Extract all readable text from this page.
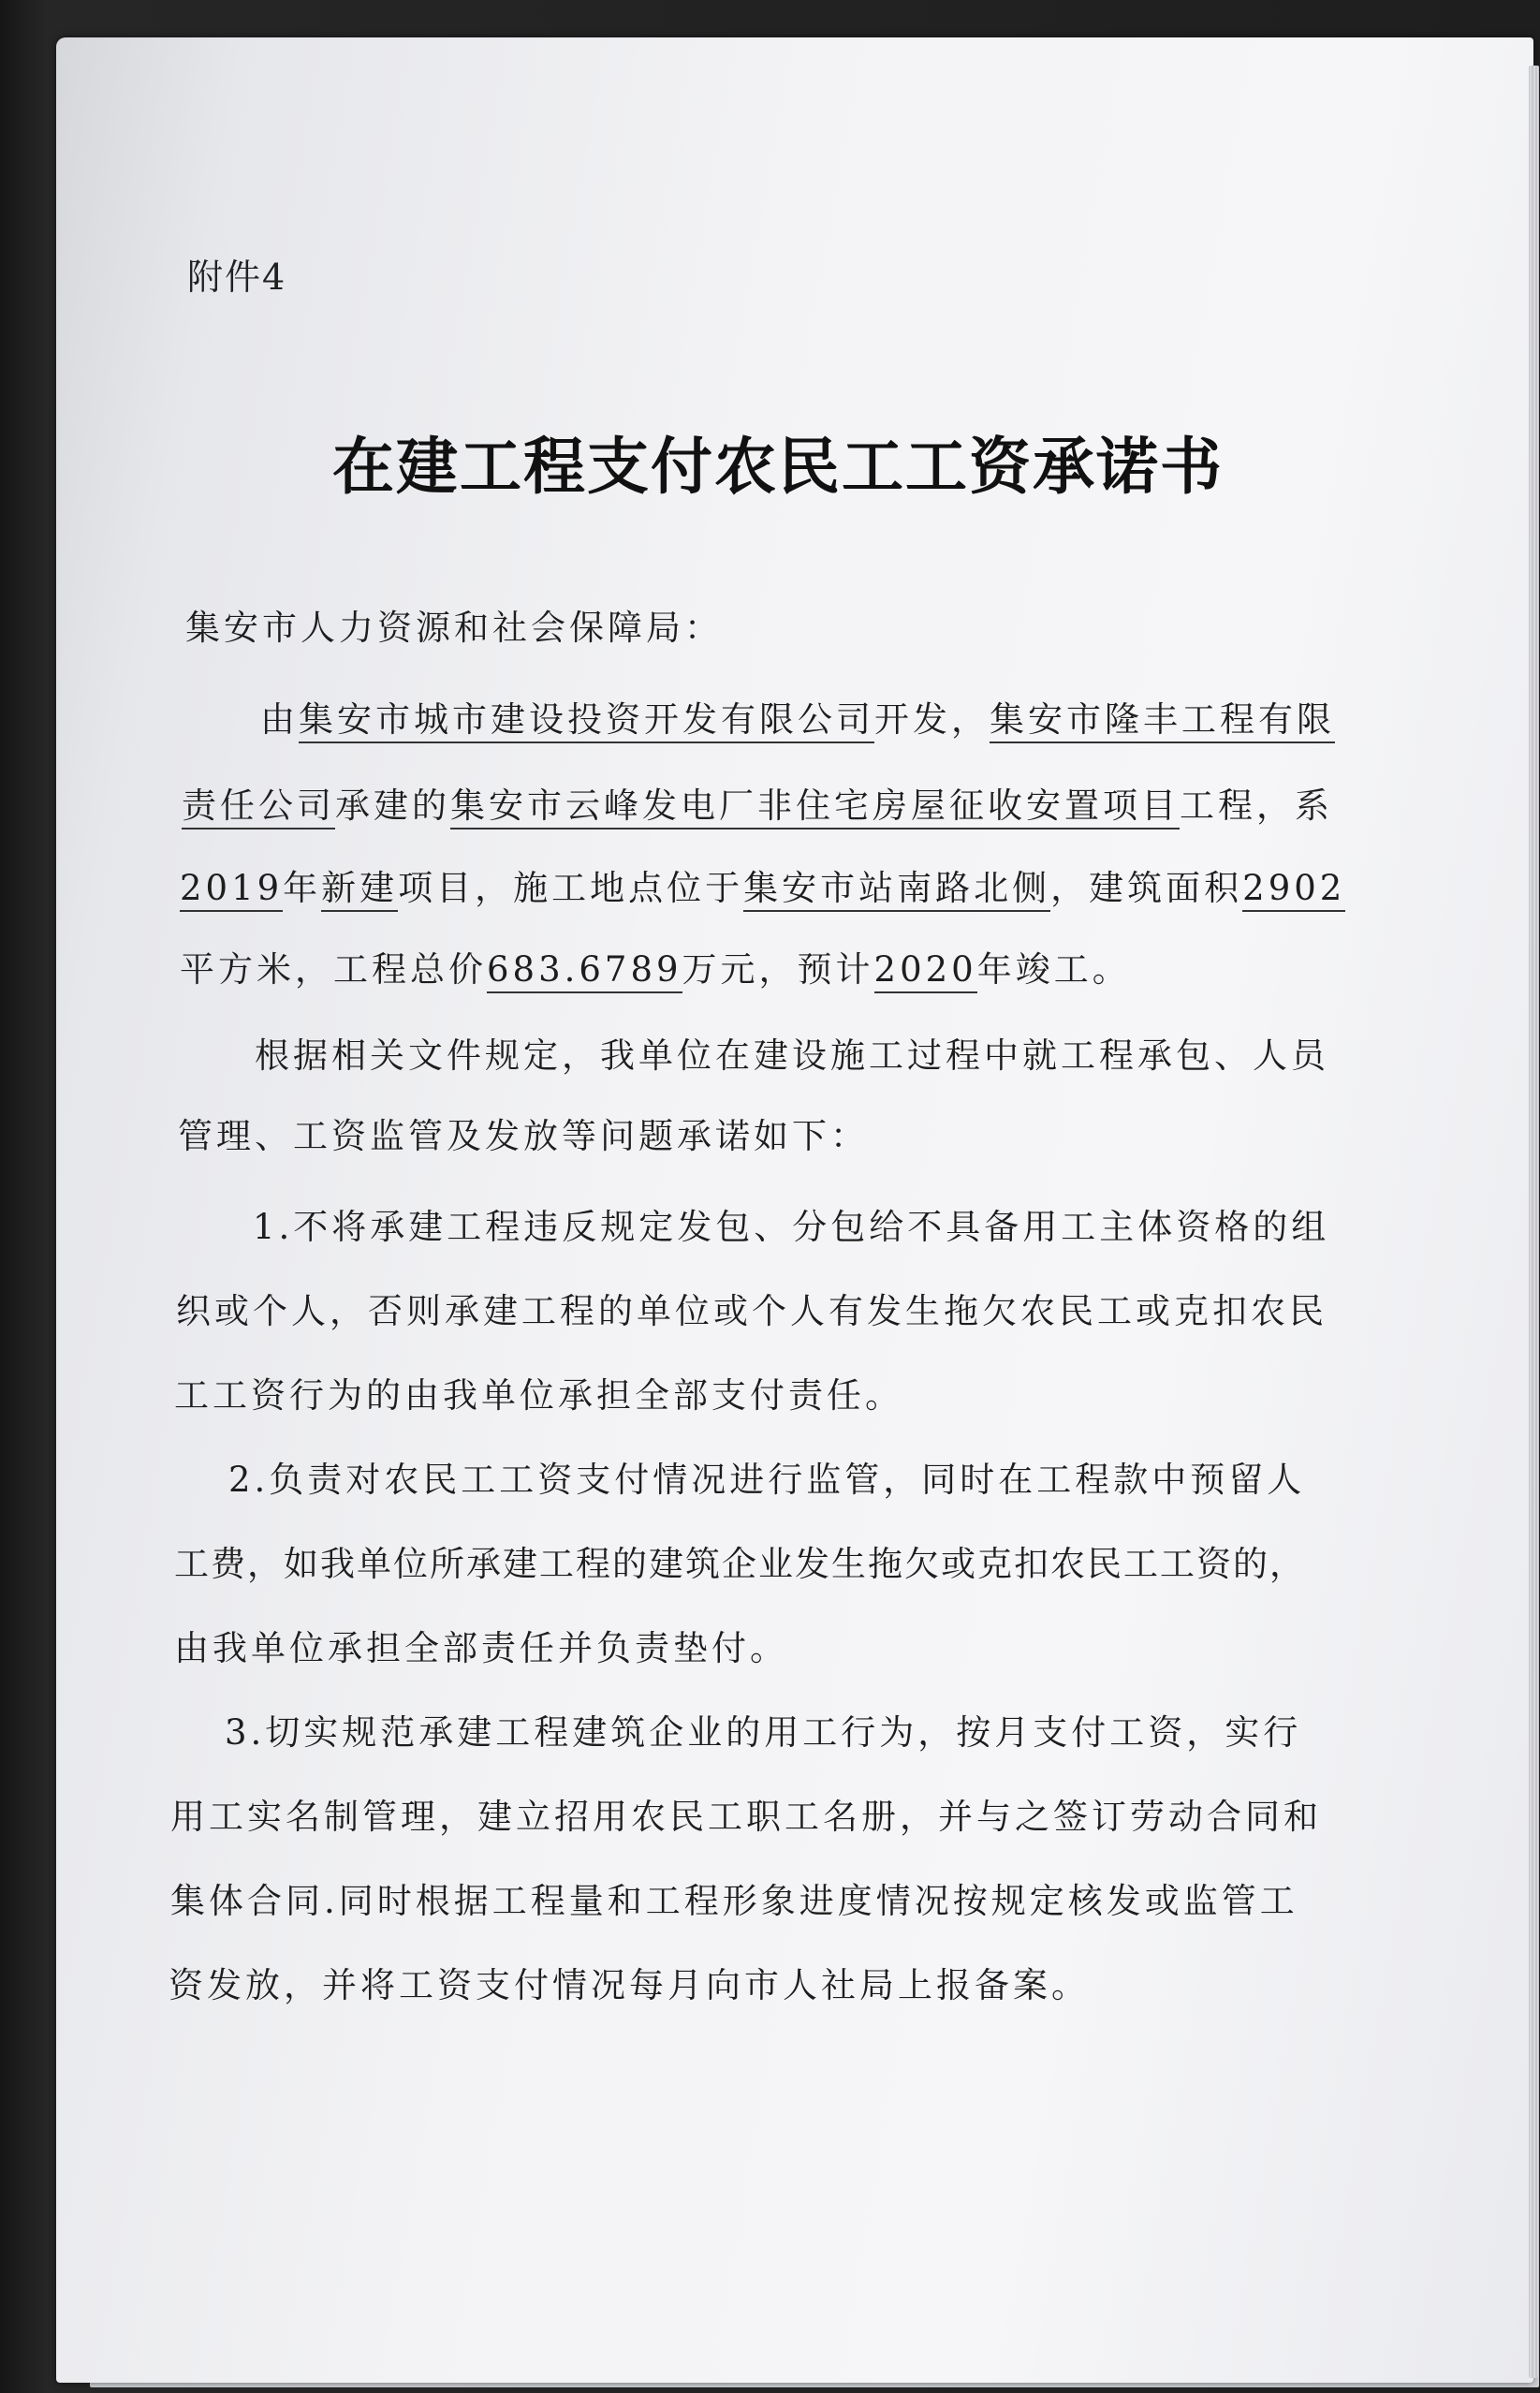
附件4
在建工程支付农民工工资承诺书
集安市人力资源和社会保障局：
由集安市城市建设投资开发有限公司开发，集安市隆丰工程有限
责任公司承建的集安市云峰发电厂非住宅房屋征收安置项目工程，系
2019年新建项目，施工地点位于集安市站南路北侧，建筑面积2902
平方米，工程总价683.6789万元，预计2020年竣工。
根据相关文件规定，我单位在建设施工过程中就工程承包、人员
管理、工资监管及发放等问题承诺如下：
1.不将承建工程违反规定发包、分包给不具备用工主体资格的组
织或个人，否则承建工程的单位或个人有发生拖欠农民工或克扣农民
工工资行为的由我单位承担全部支付责任。
2.负责对农民工工资支付情况进行监管，同时在工程款中预留人
工费，如我单位所承建工程的建筑企业发生拖欠或克扣农民工工资的，
由我单位承担全部责任并负责垫付。
3.切实规范承建工程建筑企业的用工行为，按月支付工资，实行
用工实名制管理，建立招用农民工职工名册，并与之签订劳动合同和
集体合同.同时根据工程量和工程形象进度情况按规定核发或监管工
资发放，并将工资支付情况每月向市人社局上报备案。
